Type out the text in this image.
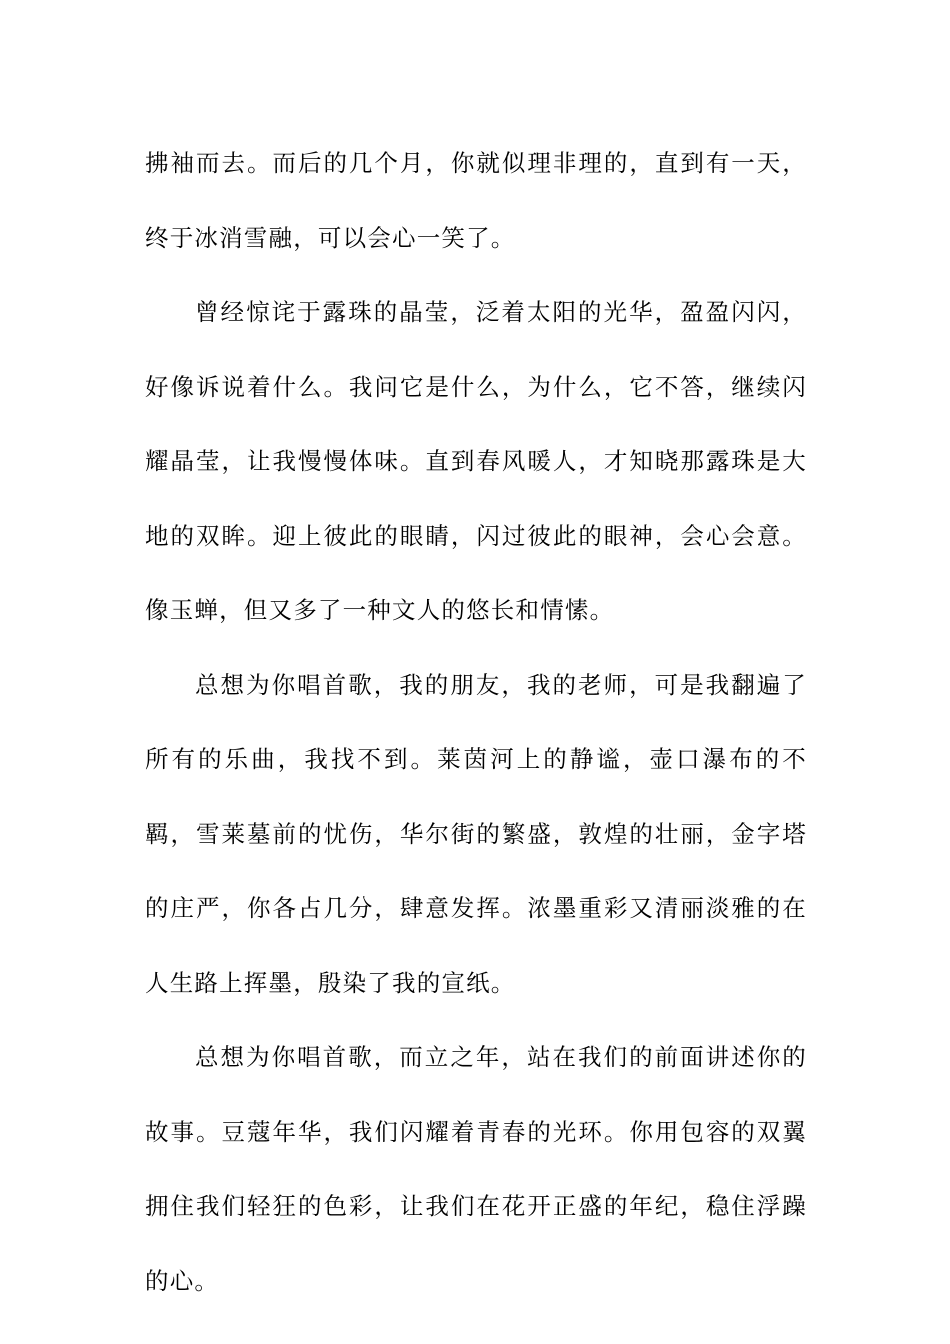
拂袖而去。而后的几个月，你就似理非理的，直到有一天，终于冰消雪融，可以会心一笑了。

曾经惊诧于露珠的晶莹，泛着太阳的光华，盈盈闪闪，好像诉说着什么。我问它是什么，为什么，它不答，继续闪耀晶莹，让我慢慢体味。直到春风暖人，才知晓那露珠是大地的双眸。迎上彼此的眼睛，闪过彼此的眼神，会心会意。像玉蝉，但又多了一种文人的悠长和情愫。

总想为你唱首歌，我的朋友，我的老师，可是我翻遍了所有的乐曲，我找不到。莱茵河上的静谧，壶口瀑布的不羁，雪莱墓前的忧伤，华尔街的繁盛，敦煌的壮丽，金字塔的庄严，你各占几分，肆意发挥。浓墨重彩又清丽淡雅的在人生路上挥墨，殷染了我的宣纸。

总想为你唱首歌，而立之年，站在我们的前面讲述你的故事。豆蔻年华，我们闪耀着青春的光环。你用包容的双翼拥住我们轻狂的色彩，让我们在花开正盛的年纪，稳住浮躁的心。
